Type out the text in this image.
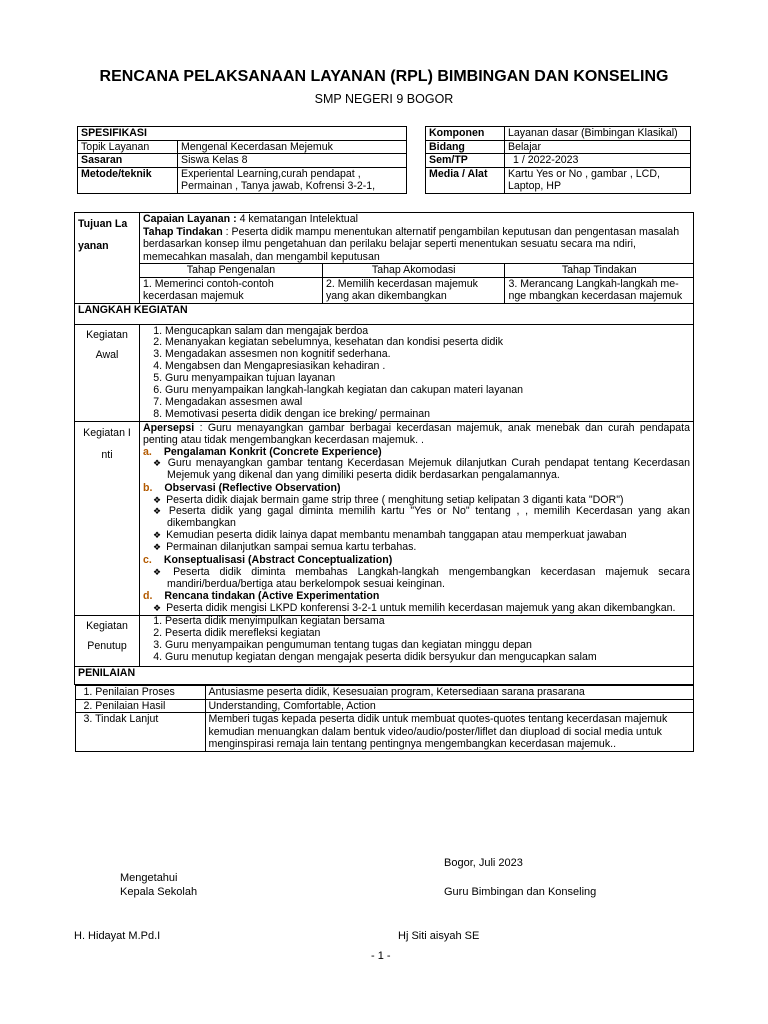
RENCANA PELAKSANAAN LAYANAN (RPL) BIMBINGAN DAN KONSELING
SMP NEGERI 9 BOGOR
SPESIFIKASI	
Topik Layanan	Mengenal Kecerdasan Mejemuk
Sasaran	Siswa Kelas 8
Metode/teknik	Experiental Learning,curah pendapat ,
Permainan , Tanya jawab, Kofrensi 3-2-1,
Komponen	Layanan dasar (Bimbingan Klasikal)
Bidang	Belajar
Sem/TP	1 / 2022-2023
Media / Alat	Kartu Yes or No , gambar , LCD,
Laptop, HP
Tujuan La yanan	
Capaian Layanan : 4 kematangan Intelektual
Tahap Tindakan : Peserta didik mampu menentukan alternatif pengambilan keputusan dan pengentasan masalah berdasarkan konsep ilmu pengetahuan dan perilaku belajar seperti menentukan sesuatu secara ma ndiri, memecahkan masalah, dan mengambil keputusan
Tahap Pengenalan	Tahap Akomodasi	Tahap Tindakan
1. Memerinci contoh-contoh kecerdasan majemuk	2. Memilih kecerdasan majemuk yang akan dikembangkan	3. Merancang Langkah-langkah me-nge mbangkan kecerdasan majemuk

LANGKAH KEGIATAN
Kegiatan Awal	
1. Mengucapkan salam dan mengajak berdoa
2. Menanyakan kegiatan sebelumnya, kesehatan dan kondisi peserta didik
3. Mengadakan assesmen non kognitif sederhana.
4. Mengabsen dan Mengapresiasikan kehadiran .
5. Guru menyampaikan tujuan layanan
6. Guru menyampaikan langkah-langkah kegiatan dan cakupan materi layanan
7. Mengadakan assesmen awal
8. Memotivasi peserta didik dengan ice breking/ permainan

Kegiatan I nti	

Apersepsi : Guru menayangkan gambar berbagai kecerdasan majemuk, anak menebak dan curah pendapata penting atau tidak mengembangkan kecerdasan majemuk. .

a. Pengalaman Konkrit (Concrete Experience)

❖ Guru menayangkan gambar tentang Kecerdasan Mejemuk dilanjutkan Curah pendapat tentang Kecerdasan Mejemuk yang dikenal dan yang dimiliki peserta didik berdasarkan pengalamannya.

b. Observasi (Reflective Observation)

❖ Peserta didik diajak bermain game strip three ( menghitung setiap kelipatan 3 diganti kata "DOR")

❖ Peserta didik yang gagal diminta memilih kartu "Yes or No" tentang , , memilih Kecerdasan yang akan dikembangkan

❖ Kemudian peserta didik lainya dapat membantu menambah tanggapan atau memperkuat jawaban

❖ Permainan dilanjutkan sampai semua kartu terbahas.

c. Konseptualisasi (Abstract Conceptualization)

❖ Peserta didik diminta membahas Langkah-langkah mengembangkan kecerdasan majemuk secara mandiri/berdua/bertiga atau berkelompok sesuai keinginan.

d. Rencana tindakan (Active Experimentation

❖ Peserta didik mengisi LKPD konferensi 3-2-1 untuk memilih kecerdasan majemuk yang akan dikembangkan.

Kegiatan Penutup	
1. Peserta didik menyimpulkan kegiatan bersama
2. Peserta didik merefleksi kegiatan
3. Guru menyampaikan pengumuman tentang tugas dan kegiatan minggu depan
4. Guru menutup kegiatan dengan mengajak peserta didik bersyukur dan mengucapkan salam

PENILAIAN

1. Penilaian Proses	Antusiasme peserta didik, Kesesuaian program, Ketersediaan sarana prasarana
2. Penilaian Hasil	Understanding, Comfortable, Action
3. Tindak Lanjut	Memberi tugas kepada peserta didik untuk membuat quotes-quotes tentang kecerdasan majemuk kemudian menuangkan dalam bentuk video/audio/poster/liflet dan diupload di social media untuk menginspirasi remaja lain tentang pentingnya mengembangkan kecerdasan majemuk..
Bogor, Juli 2023
Mengetahui
Kepala Sekolah	Guru Bimbingan dan Konseling
H. Hidayat M.Pd.I	Hj Siti aisyah SE
- 1 -
